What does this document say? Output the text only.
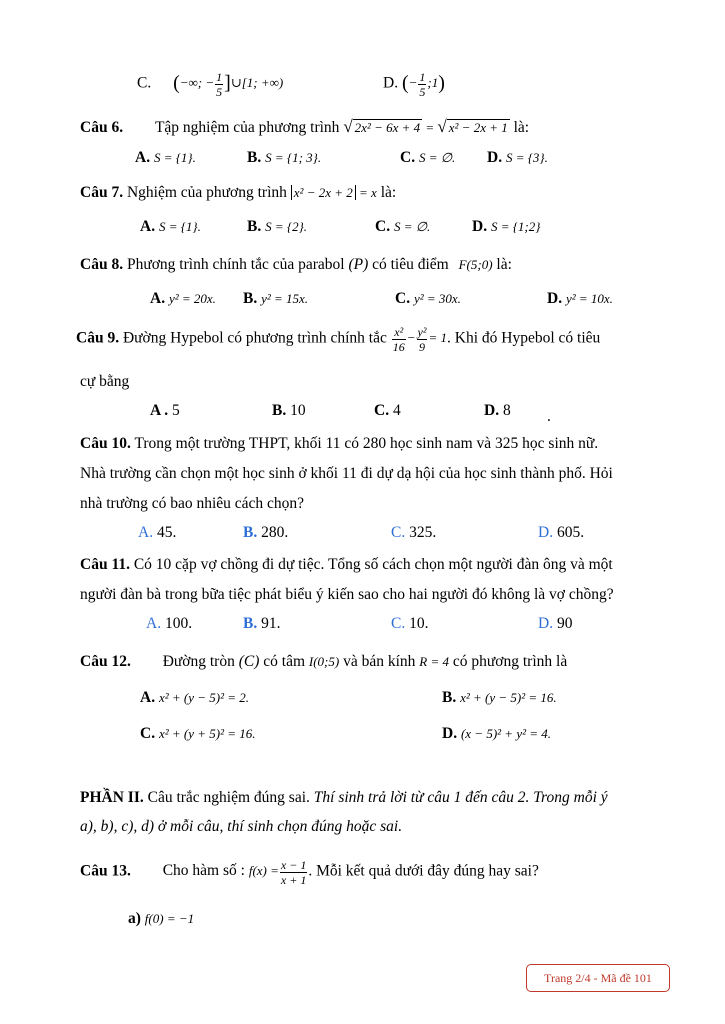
C. (−∞; − $\frac{1}{5}$ ]∪[1; +∞)	D. (− $\frac{1}{5}$ ;1)
Câu 6. Tập nghiệm của phương trình √ 2x² − 6x + 4 = √ x² − 2x + 1 là:
A. S = {1}.	B. S = {1; 3}.	C. S = ∅. D. S = {3}.
Câu 7. Nghiệm của phương trình x² − 2x + 2 = x là:
A. S = {1}.	B. S = {2}.	C. S = ∅.	D. S = {1;2}
Câu 8. Phương trình chính tắc của parabol (P) có tiêu điểm F(5;0) là:
A. y² = 20x. B. y² = 15x.	C. y² = 30x.	D. y² = 10x.
Câu 9. Đường Hypebol có phương trình chính tắc $\frac{\text{x²}}{16} - \frac{\text{y²}}{9} = 1$. Khi đó Hypebol có tiêu
cự bằng
A . 5	B. 10	C. 4	D. 8 .
Câu 10. Trong một trường THPT, khối 11 có 280 học sinh nam và 325 học sinh nữ.
Nhà trường cần chọn một học sinh ở khối 11 đi dự dạ hội của học sinh thành phố. Hỏi
nhà trường có bao nhiêu cách chọn?
A. 45.	B. 280.	C. 325.	D. 605.
Câu 11. Có 10 cặp vợ chồng đi dự tiệc. Tổng số cách chọn một người đàn ông và một
người đàn bà trong bữa tiệc phát biểu ý kiến sao cho hai người đó không là vợ chồng?
A. 100.	B. 91.	C. 10.	D. 90
Câu 12. Đường tròn (C) có tâm I(0;5) và bán kính R = 4 có phương trình là
A. x² + (y − 5)² = 2.	B. x² + (y − 5)² = 16.
C. x² + (y + 5)² = 16.	D. (x − 5)² + y² = 4.
PHẦN II. Câu trắc nghiệm đúng sai. Thí sinh trả lời từ câu 1 đến câu 2. Trong mỗi ý
a), b), c), d) ở mỗi câu, thí sinh chọn đúng hoặc sai.
Câu 13. Cho hàm số : $f(x) = \frac{x - 1}{x + 1}$ . Mỗi kết quả dưới đây đúng hay sai?
a) f(0) = −1
Trang 2/4 - Mã đề 101
